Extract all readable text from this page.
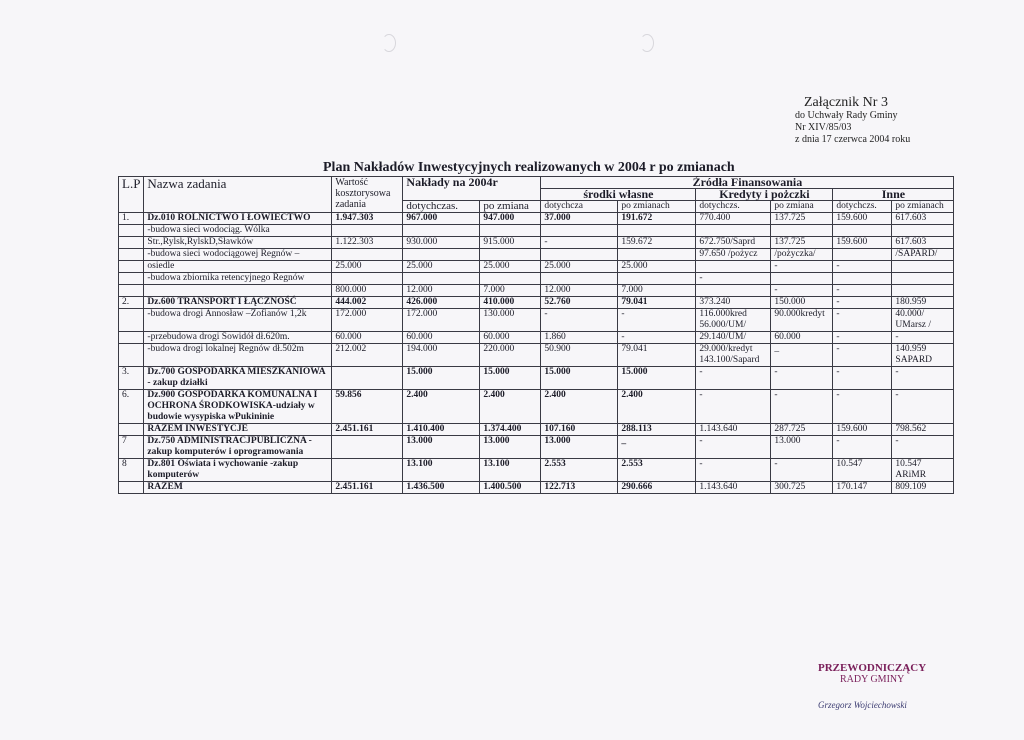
Załącznik Nr 3
do Uchwały Rady Gminy
Nr XIV/85/03
z dnia 17 czerwca 2004 roku
Plan Nakładów Inwestycyjnych realizowanych w 2004 r po zmianach
L.P	Nazwa zadania	Wartość kosztorysowa zadania	Nakłady na 2004r		Źródła Finansowania					
					środki własne		Kredyty i pożczki		Inne	
			dotychczas.	po zmiana	dotychcza	po zmianach	dotychczs.	po zmiana	dotychczs.	po zmianach
1.	Dz.010 ROLNICTWO I ŁOWIECTWO	1.947.303	967.000	947.000	37.000	191.672	770.400	137.725	159.600	617.603
	-budowa sieci wodociąg. Wólka									
	Str.,Rylsk,RylskD,Sławków	1.122.303	930.000	915.000	-	159.672	672.750/Saprd	137.725	159.600	617.603
	-budowa sieci wodociągowej Regnów –						97.650 /pożycz	/pożyczka/		/SAPARD/
	osiedle	25.000	25.000	25.000	25.000	25.000		-	-	
	-budowa zbiornika retencyjnego Regnów						-			
		800.000	12.000	7.000	12.000	7.000		-	-	
2.	Dz.600 TRANSPORT I ŁĄCZNOŚĆ	444.002	426.000	410.000	52.760	79.041	373.240	150.000	-	180.959
	-budowa drogi Annosław –Zofianów 1,2k	172.000	172.000	130.000	-	-	116.000kred 56.000/UM/	90.000kredyt	-	40.000/ UMarsz /
	-przebudowa drogi Sowidół dł.620m.	60.000	60.000	60.000	1.860	-	29.140/UM/	60.000	-	-
	-budowa drogi lokalnej Regnów dł.502m	212.002	194.000	220.000	50.900	79.041	29.000/kredyt 143.100/Sapard	_	-	140.959 SAPARD
3.	Dz.700 GOSPODARKA MIESZKANIOWA - zakup działki		15.000	15.000	15.000	15.000	-	-	-	-
6.	Dz.900 GOSPODARKA KOMUNALNA I OCHRONA ŚRODKOWISKA-udziały w budowie wysypiska wPukininie	59.856	2.400	2.400	2.400	2.400	-	-	-	-
	RAZEM INWESTYCJE	2.451.161	1.410.400	1.374.400	107.160	288.113	1.143.640	287.725	159.600	798.562
7	Dz.750 ADMINISTRACJPUBLICZNA -zakup komputerów i oprogramowania		13.000	13.000	13.000	_	-	13.000	-	-
8	Dz.801 Oświata i wychowanie -zakup komputerów		13.100	13.100	2.553	2.553	-	-	10.547	10.547 ARiMR
	RAZEM	2.451.161	1.436.500	1.400.500	122.713	290.666	1.143.640	300.725	170.147	809.109
PRZEWODNICZĄCY
RADY GMINY
Grzegorz Wojciechowski
